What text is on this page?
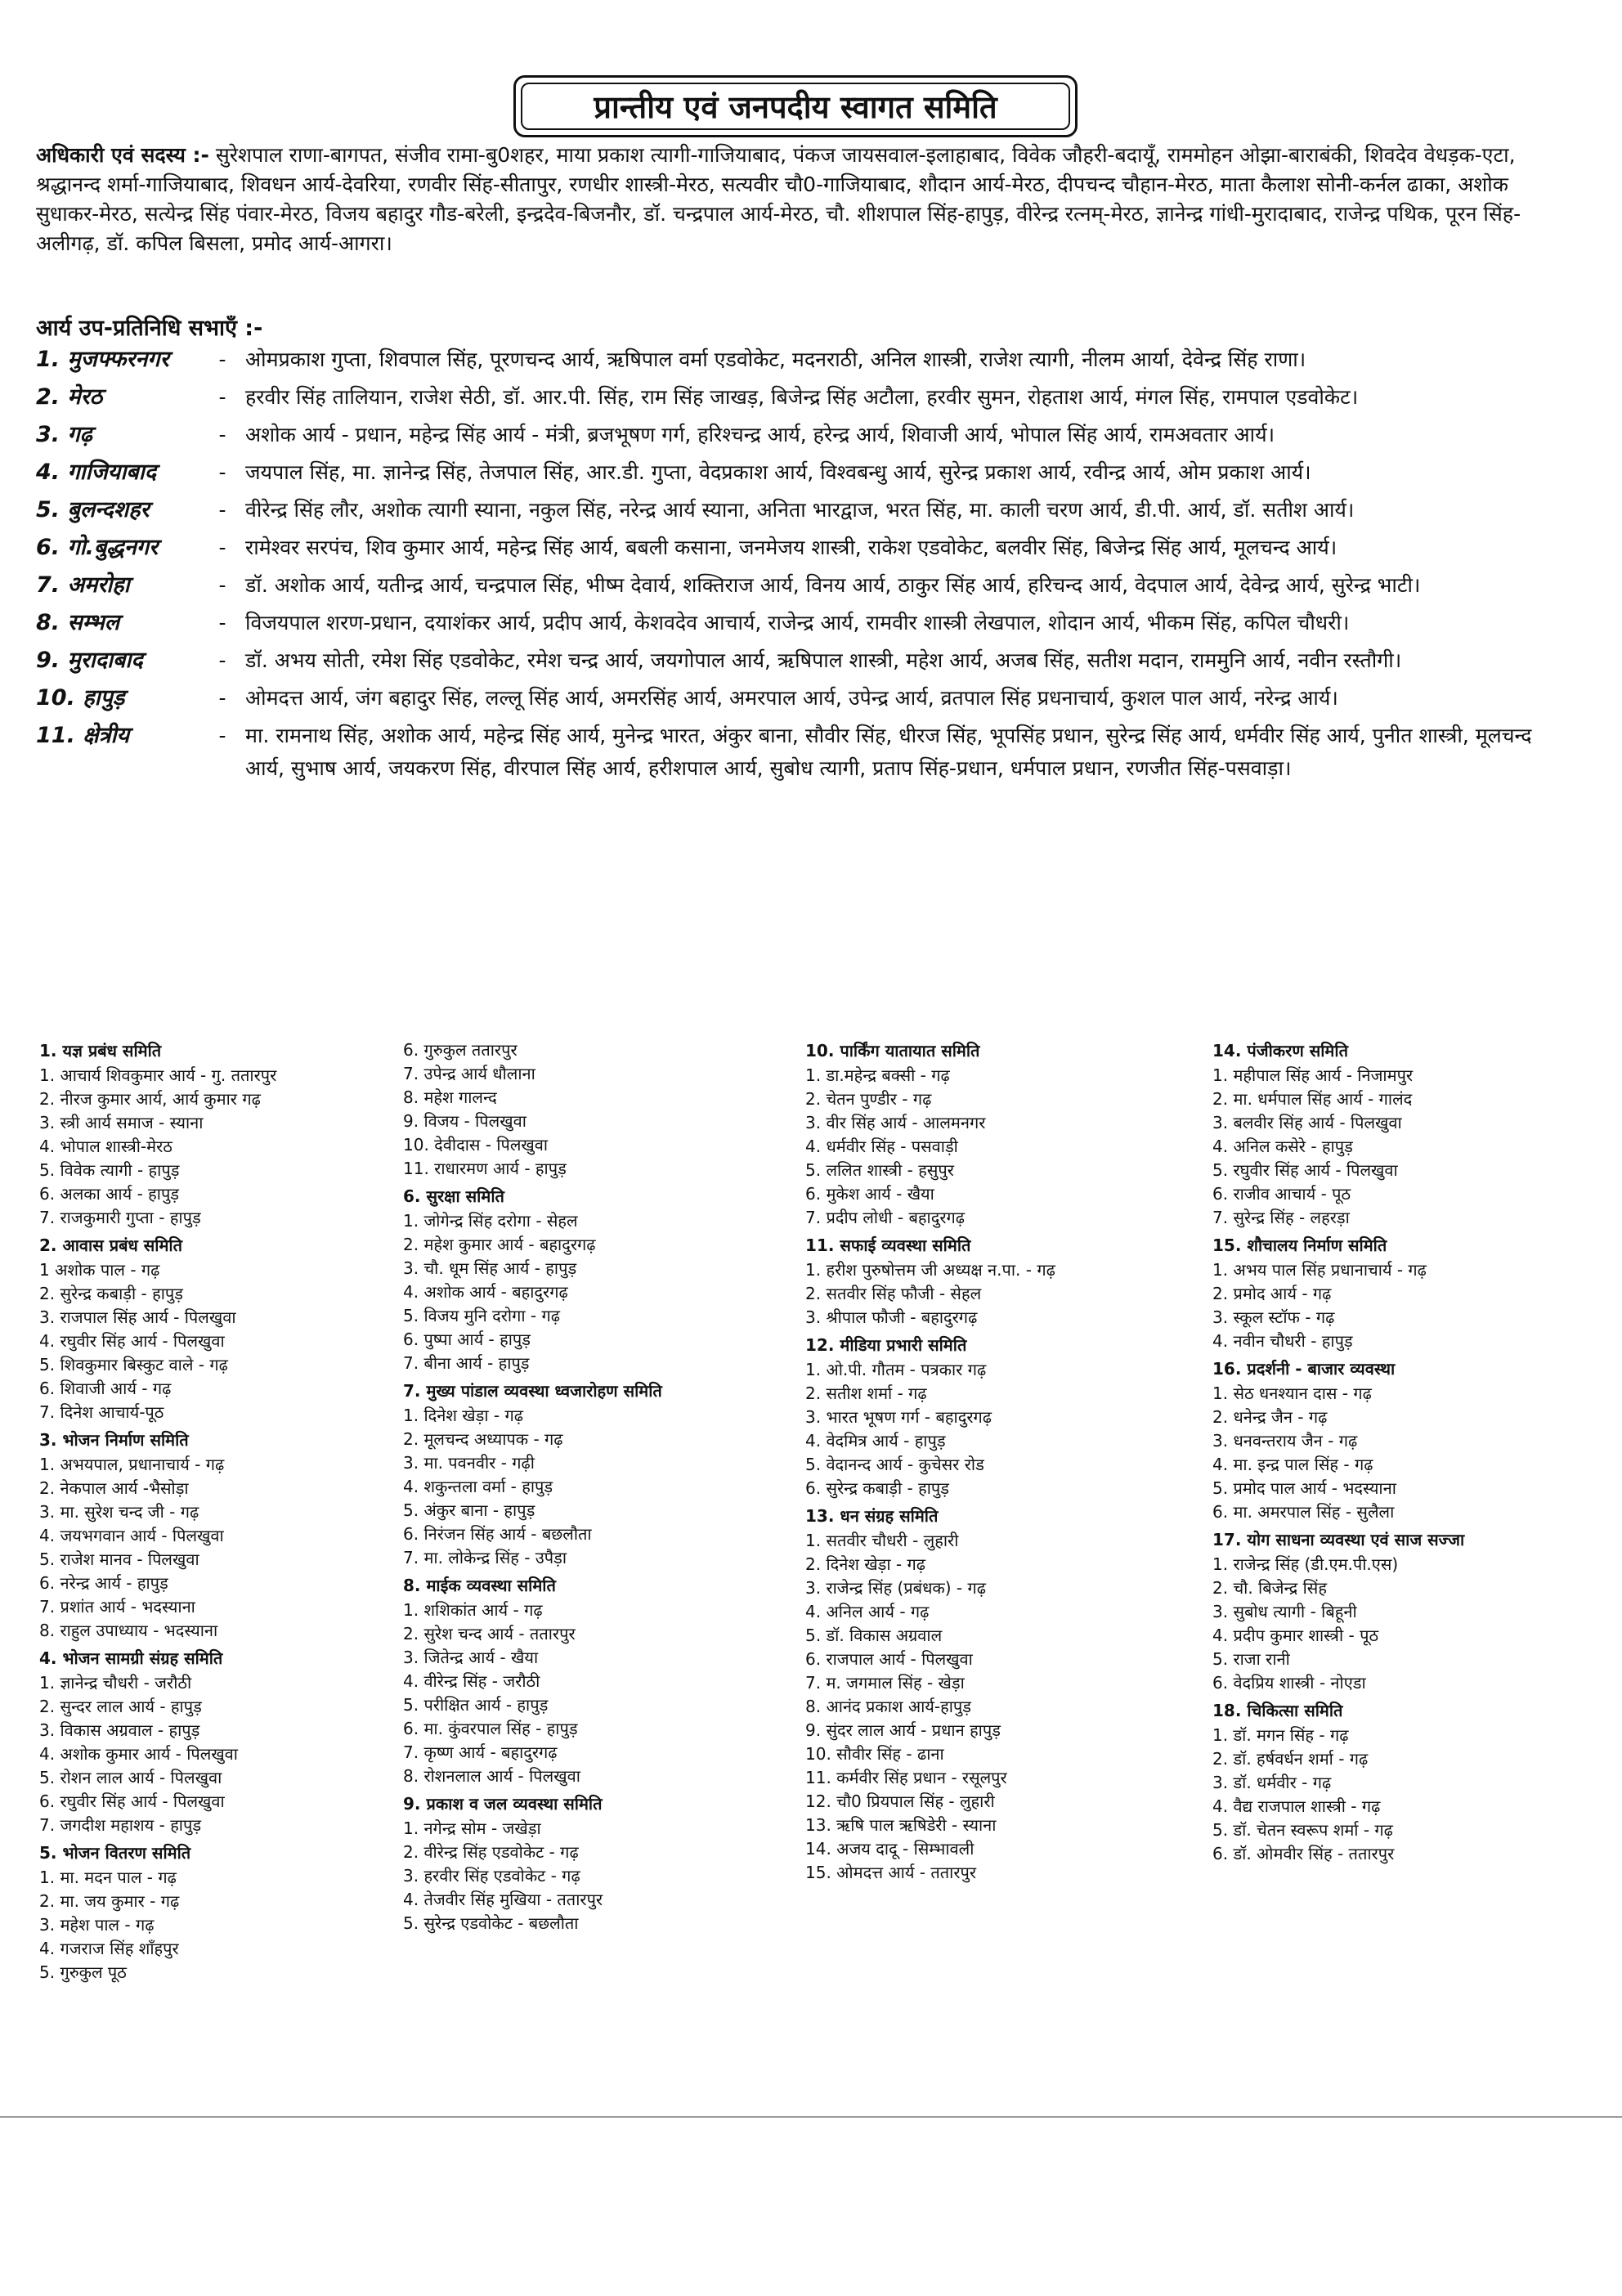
प्रान्तीय एवं जनपदीय स्वागत समिति
अधिकारी एवं सदस्य :- सुरेशपाल राणा-बागपत, संजीव रामा-बु0शहर, माया प्रकाश त्यागी-गाजियाबाद, पंकज जायसवाल-इलाहाबाद, विवेक जौहरी-बदायूँ, राममोहन ओझा-बाराबंकी, शिवदेव वेधड़क-एटा, श्रद्धानन्द शर्मा-गाजियाबाद, शिवधन आर्य-देवरिया, रणवीर सिंह-सीतापुर, रणधीर शास्त्री-मेरठ, सत्यवीर चौ0-गाजियाबाद, शौदान आर्य-मेरठ, दीपचन्द चौहान-मेरठ, माता कैलाश सोनी-कर्नल ढाका, अशोक सुधाकर-मेरठ, सत्येन्द्र सिंह पंवार-मेरठ, विजय बहादुर गौड-बरेली, इन्द्रदेव-बिजनौर, डॉ. चन्द्रपाल आर्य-मेरठ, चौ. शीशपाल सिंह-हापुड़, वीरेन्द्र रत्नम्-मेरठ, ज्ञानेन्द्र गांधी-मुरादाबाद, राजेन्द्र पथिक, पूरन सिंह-अलीगढ़, डॉ. कपिल बिसला, प्रमोद आर्य-आगरा।
आर्य उप-प्रतिनिधि सभाएँ :-
1. मुजफ्फरनगर	- ओमप्रकाश गुप्ता, शिवपाल सिंह, पूरणचन्द आर्य, ऋषिपाल वर्मा एडवोकेट, मदनराठी, अनिल शास्त्री, राजेश त्यागी, नीलम आर्या, देवेन्द्र सिंह राणा।
2. मेरठ	- हरवीर सिंह तालियान, राजेश सेठी, डॉ. आर.पी. सिंह, राम सिंह जाखड़, बिजेन्द्र सिंह अटौला, हरवीर सुमन, रोहताश आर्य, मंगल सिंह, रामपाल एडवोकेट।
3. गढ़	- अशोक आर्य - प्रधान, महेन्द्र सिंह आर्य - मंत्री, ब्रजभूषण गर्ग, हरिश्चन्द्र आर्य, हरेन्द्र आर्य, शिवाजी आर्य, भोपाल सिंह आर्य, रामअवतार आर्य।
4. गाजियाबाद	- जयपाल सिंह, मा. ज्ञानेन्द्र सिंह, तेजपाल सिंह, आर.डी. गुप्ता, वेदप्रकाश आर्य, विश्वबन्धु आर्य, सुरेन्द्र प्रकाश आर्य, रवीन्द्र आर्य, ओम प्रकाश आर्य।
5. बुलन्दशहर	- वीरेन्द्र सिंह लौर, अशोक त्यागी स्याना, नकुल सिंह, नरेन्द्र आर्य स्याना, अनिता भारद्वाज, भरत सिंह, मा. काली चरण आर्य, डी.पी. आर्य, डॉ. सतीश आर्य।
6. गो.बुद्धनगर	- रामेश्वर सरपंच, शिव कुमार आर्य, महेन्द्र सिंह आर्य, बबली कसाना, जनमेजय शास्त्री, राकेश एडवोकेट, बलवीर सिंह, बिजेन्द्र सिंह आर्य, मूलचन्द आर्य।
7. अमरोहा	- डॉ. अशोक आर्य, यतीन्द्र आर्य, चन्द्रपाल सिंह, भीष्म देवार्य, शक्तिराज आर्य, विनय आर्य, ठाकुर सिंह आर्य, हरिचन्द आर्य, वेदपाल आर्य, देवेन्द्र आर्य, सुरेन्द्र भाटी।
8. सम्भल	- विजयपाल शरण-प्रधान, दयाशंकर आर्य, प्रदीप आर्य, केशवदेव आचार्य, राजेन्द्र आर्य, रामवीर शास्त्री लेखपाल, शोदान आर्य, भीकम सिंह, कपिल चौधरी।
9. मुरादाबाद	- डॉ. अभय सोती, रमेश सिंह एडवोकेट, रमेश चन्द्र आर्य, जयगोपाल आर्य, ऋषिपाल शास्त्री, महेश आर्य, अजब सिंह, सतीश मदान, राममुनि आर्य, नवीन रस्तौगी।
10. हापुड़	- ओमदत्त आर्य, जंग बहादुर सिंह, लल्लू सिंह आर्य, अमरसिंह आर्य, अमरपाल आर्य, उपेन्द्र आर्य, व्रतपाल सिंह प्रधनाचार्य, कुशल पाल आर्य, नरेन्द्र आर्य।
11. क्षेत्रीय	- मा. रामनाथ सिंह, अशोक आर्य, महेन्द्र सिंह आर्य, मुनेन्द्र भारत, अंकुर बाना, सौवीर सिंह, धीरज सिंह, भूपसिंह प्रधान, सुरेन्द्र सिंह आर्य, धर्मवीर सिंह आर्य, पुनीत शास्त्री, मूलचन्द आर्य, सुभाष आर्य, जयकरण सिंह, वीरपाल सिंह आर्य, हरीशपाल आर्य, सुबोध त्यागी, प्रताप सिंह-प्रधान, धर्मपाल प्रधान, रणजीत सिंह-पसवाड़ा।
1. यज्ञ प्रबंध समिति
1. आचार्य शिवकुमार आर्य - गु. ततारपुर
2. नीरज कुमार आर्य, आर्य कुमार गढ़
3. स्त्री आर्य समाज - स्याना
4. भोपाल शास्त्री-मेरठ
5. विवेक त्यागी - हापुड़
6. अलका आर्य - हापुड़
7. राजकुमारी गुप्ता - हापुड़
2. आवास प्रबंध समिति
1 अशोक पाल - गढ़
2. सुरेन्द्र कबाड़ी - हापुड़
3. राजपाल सिंह आर्य - पिलखुवा
4. रघुवीर सिंह आर्य - पिलखुवा
5. शिवकुमार बिस्कुट वाले - गढ़
6. शिवाजी आर्य - गढ़
7. दिनेश आचार्य-पूठ
3. भोजन निर्माण समिति
1. अभयपाल, प्रधानाचार्य - गढ़
2. नेकपाल आर्य -भैसोड़ा
3. मा. सुरेश चन्द जी - गढ़
4. जयभगवान आर्य - पिलखुवा
5. राजेश मानव - पिलखुवा
6. नरेन्द्र आर्य - हापुड़
7. प्रशांत आर्य - भदस्याना
8. राहुल उपाध्याय - भदस्याना
4. भोजन सामग्री संग्रह समिति
1. ज्ञानेन्द्र चौधरी - जरौठी
2. सुन्दर लाल आर्य - हापुड़
3. विकास अग्रवाल - हापुड़
4. अशोक कुमार आर्य - पिलखुवा
5. रोशन लाल आर्य - पिलखुवा
6. रघुवीर सिंह आर्य - पिलखुवा
7. जगदीश महाशय - हापुड़
5. भोजन वितरण समिति
1. मा. मदन पाल - गढ़
2. मा. जय कुमार - गढ़
3. महेश पाल - गढ़
4. गजराज सिंह शाँहपुर
5. गुरुकुल पूठ
6. गुरुकुल ततारपुर
7. उपेन्द्र आर्य धौलाना
8. महेश गालन्द
9. विजय - पिलखुवा
10. देवीदास - पिलखुवा
11. राधारमण आर्य - हापुड़
6. सुरक्षा समिति
1. जोगेन्द्र सिंह दरोगा - सेहल
2. महेश कुमार आर्य - बहादुरगढ़
3. चौ. धूम सिंह आर्य - हापुड़
4. अशोक आर्य - बहादुरगढ़
5. विजय मुनि दरोगा - गढ़
6. पुष्पा आर्य - हापुड़
7. बीना आर्य - हापुड़
7. मुख्य पांडाल व्यवस्था ध्वजारोहण समिति
1. दिनेश खेड़ा - गढ़
2. मूलचन्द अध्यापक - गढ़
3. मा. पवनवीर - गढ़ी
4. शकुन्तला वर्मा - हापुड़
5. अंकुर बाना - हापुड़
6. निरंजन सिंह आर्य - बछलौता
7. मा. लोकेन्द्र सिंह - उपैड़ा
8. माईक व्यवस्था समिति
1. शशिकांत आर्य - गढ़
2. सुरेश चन्द आर्य - ततारपुर
3. जितेन्द्र आर्य - खैया
4. वीरेन्द्र सिंह - जरौठी
5. परीक्षित आर्य - हापुड़
6. मा. कुंवरपाल सिंह - हापुड़
7. कृष्ण आर्य - बहादुरगढ़
8. रोशनलाल आर्य - पिलखुवा
9. प्रकाश व जल व्यवस्था समिति
1. नगेन्द्र सोम - जखेड़ा
2. वीरेन्द्र सिंह एडवोकेट - गढ़
3. हरवीर सिंह एडवोकेट - गढ़
4. तेजवीर सिंह मुखिया - ततारपुर
5. सुरेन्द्र एडवोकेट - बछलौता
10. पार्किंग यातायात समिति
1. डा.महेन्द्र बक्सी - गढ़
2. चेतन पुण्डीर - गढ़
3. वीर सिंह आर्य - आलमनगर
4. धर्मवीर सिंह - पसवाड़ी
5. ललित शास्त्री - हसुपुर
6. मुकेश आर्य - खैया
7. प्रदीप लोधी - बहादुरगढ़
11. सफाई व्यवस्था समिति
1. हरीश पुरुषोत्तम जी अध्यक्ष न.पा. - गढ़
2. सतवीर सिंह फौजी - सेहल
3. श्रीपाल फौजी - बहादुरगढ़
12. मीडिया प्रभारी समिति
1. ओ.पी. गौतम - पत्रकार गढ़
2. सतीश शर्मा - गढ़
3. भारत भूषण गर्ग - बहादुरगढ़
4. वेदमित्र आर्य - हापुड़
5. वेदानन्द आर्य - कुचेसर रोड
6. सुरेन्द्र कबाड़ी - हापुड़
13. धन संग्रह समिति
1. सतवीर चौधरी - लुहारी
2. दिनेश खेड़ा - गढ़
3. राजेन्द्र सिंह (प्रबंधक) - गढ़
4. अनिल आर्य - गढ़
5. डॉ. विकास अग्रवाल
6. राजपाल आर्य - पिलखुवा
7. म. जगमाल सिंह - खेड़ा
8. आनंद प्रकाश आर्य-हापुड़
9. सुंदर लाल आर्य - प्रधान हापुड़
10. सौवीर सिंह - ढाना
11. कर्मवीर सिंह प्रधान - रसूलपुर
12. चौ0 प्रियपाल सिंह - लुहारी
13. ऋषि पाल ऋषिडेरी - स्याना
14. अजय दादू - सिम्भावली
15. ओमदत्त आर्य - ततारपुर
14. पंजीकरण समिति
1. महीपाल सिंह आर्य - निजामपुर
2. मा. धर्मपाल सिंह आर्य - गालंद
3. बलवीर सिंह आर्य - पिलखुवा
4. अनिल कसेरे - हापुड़
5. रघुवीर सिंह आर्य - पिलखुवा
6. राजीव आचार्य - पूठ
7. सुरेन्द्र सिंह - लहरड़ा
15. शौचालय निर्माण समिति
1. अभय पाल सिंह प्रधानाचार्य - गढ़
2. प्रमोद आर्य - गढ़
3. स्कूल स्टॉफ - गढ़
4. नवीन चौधरी - हापुड़
16. प्रदर्शनी - बाजार व्यवस्था
1. सेठ धनश्यान दास - गढ़
2. धनेन्द्र जैन - गढ़
3. धनवन्तराय जैन - गढ़
4. मा. इन्द्र पाल सिंह - गढ़
5. प्रमोद पाल आर्य - भदस्याना
6. मा. अमरपाल सिंह - सुलैला
17. योग साधना व्यवस्था एवं साज सज्जा
1. राजेन्द्र सिंह (डी.एम.पी.एस)
2. चौ. बिजेन्द्र सिंह
3. सुबोध त्यागी - बिहूनी
4. प्रदीप कुमार शास्त्री - पूठ
5. राजा रानी
6. वेदप्रिय शास्त्री - नोएडा
18. चिकित्सा समिति
1. डॉ. मगन सिंह - गढ़
2. डॉ. हर्षवर्धन शर्मा - गढ़
3. डॉ. धर्मवीर - गढ़
4. वैद्य राजपाल शास्त्री - गढ़
5. डॉ. चेतन स्वरूप शर्मा - गढ़
6. डॉ. ओमवीर सिंह - ततारपुर
